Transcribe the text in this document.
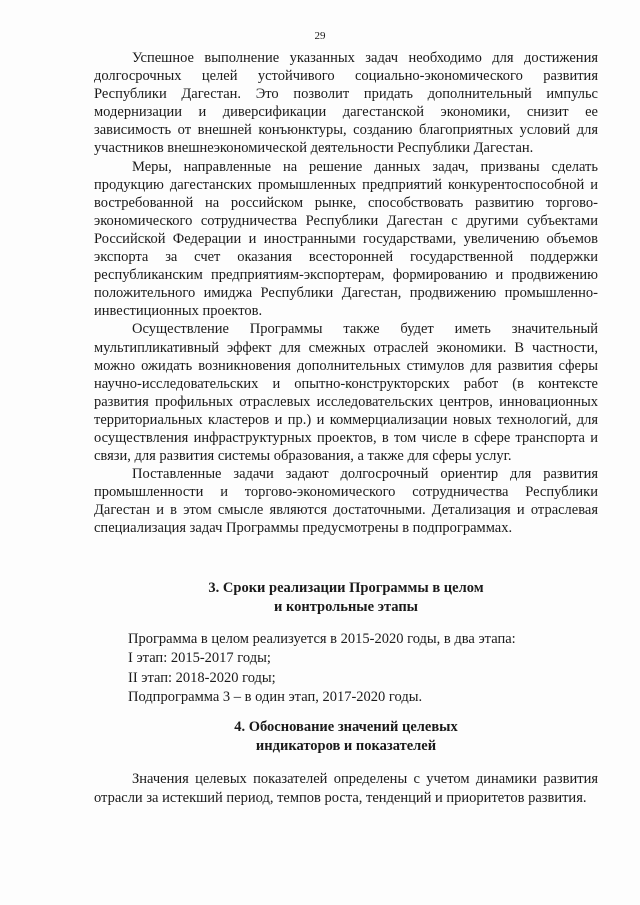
29

Успешное выполнение указанных задач необходимо для достижения долгосрочных целей устойчивого социально-экономического развития Республики Дагестан. Это позволит придать дополнительный импульс модернизации и диверсификации дагестанской экономики, снизит ее зависимость от внешней конъюнктуры, созданию благоприятных условий для участников внешнеэкономической деятельности Республики Дагестан.

Меры, направленные на решение данных задач, призваны сделать продукцию дагестанских промышленных предприятий конкурентоспособной и востребованной на российском рынке, способствовать развитию торгово-экономического сотрудничества Республики Дагестан с другими субъектами Российской Федерации и иностранными государствами, увеличению объемов экспорта за счет оказания всесторонней государственной поддержки республиканским предприятиям-экспортерам, формированию и продвижению положительного имиджа Республики Дагестан, продвижению промышленно-инвестиционных проектов.

Осуществление Программы также будет иметь значительный мультипликативный эффект для смежных отраслей экономики. В частности, можно ожидать возникновения дополнительных стимулов для развития сферы научно-исследовательских и опытно-конструкторских работ (в контексте развития профильных отраслевых исследовательских центров, инновационных территориальных кластеров и пр.) и коммерциализации новых технологий, для осуществления инфраструктурных проектов, в том числе в сфере транспорта и связи, для развития системы образования, а также для сферы услуг.

Поставленные задачи задают долгосрочный ориентир для развития промышленности и торгово-экономического сотрудничества Республики Дагестан и в этом смысле являются достаточными. Детализация и отраслевая специализация задач Программы предусмотрены в подпрограммах.

3. Сроки реализации Программы в целом
и контрольные этапы
Программа в целом реализуется в 2015-2020 годы, в два этапа:
I этап: 2015-2017 годы;
II этап: 2018-2020 годы;
Подпрограмма 3 – в один этап, 2017-2020 годы.
4. Обоснование значений целевых
индикаторов и показателей

Значения целевых показателей определены с учетом динамики развития отрасли за истекший период, темпов роста, тенденций и приоритетов развития.
